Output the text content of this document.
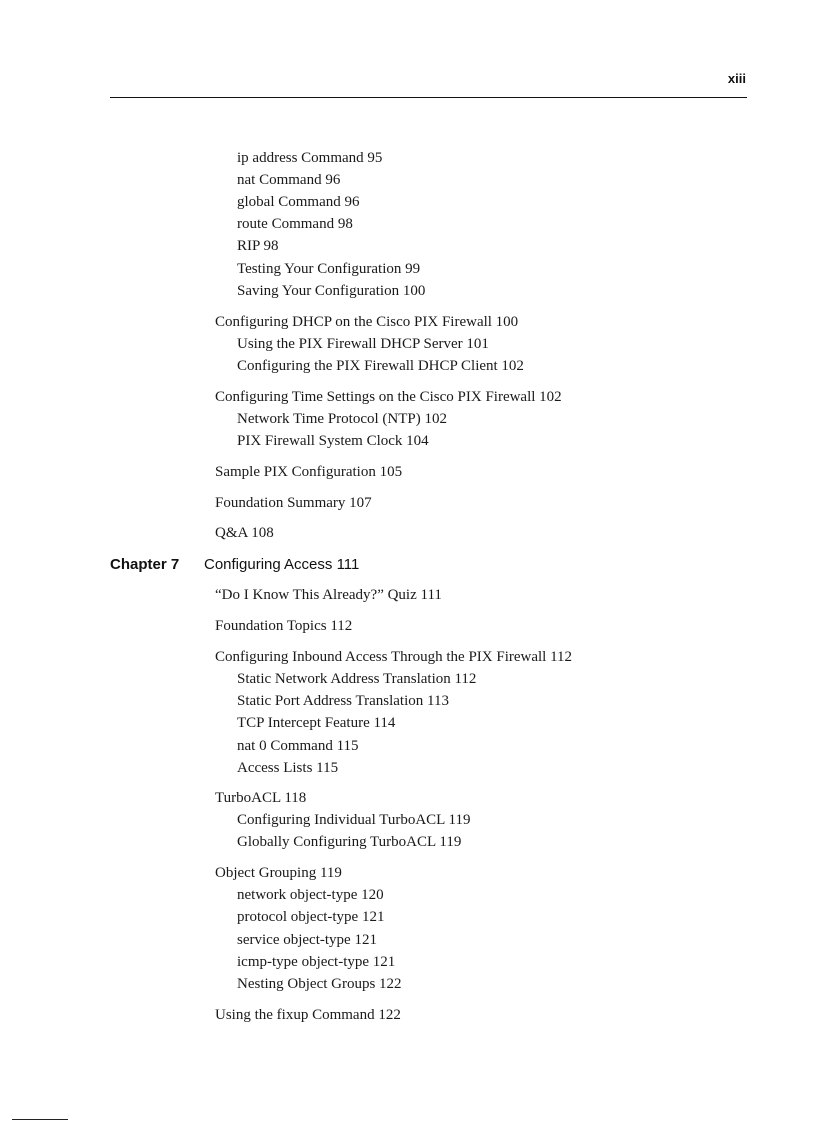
xiii
ip address Command 95
nat Command 96
global Command 96
route Command 98
RIP 98
Testing Your Configuration 99
Saving Your Configuration 100
Configuring DHCP on the Cisco PIX Firewall 100
Using the PIX Firewall DHCP Server 101
Configuring the PIX Firewall DHCP Client 102
Configuring Time Settings on the Cisco PIX Firewall 102
Network Time Protocol (NTP) 102
PIX Firewall System Clock 104
Sample PIX Configuration 105
Foundation Summary 107
Q&A 108
Chapter 7 Configuring Access 111
“Do I Know This Already?” Quiz 111
Foundation Topics 112
Configuring Inbound Access Through the PIX Firewall 112
Static Network Address Translation 112
Static Port Address Translation 113
TCP Intercept Feature 114
nat 0 Command 115
Access Lists 115
TurboACL 118
Configuring Individual TurboACL 119
Globally Configuring TurboACL 119
Object Grouping 119
network object-type 120
protocol object-type 121
service object-type 121
icmp-type object-type 121
Nesting Object Groups 122
Using the fixup Command 122
